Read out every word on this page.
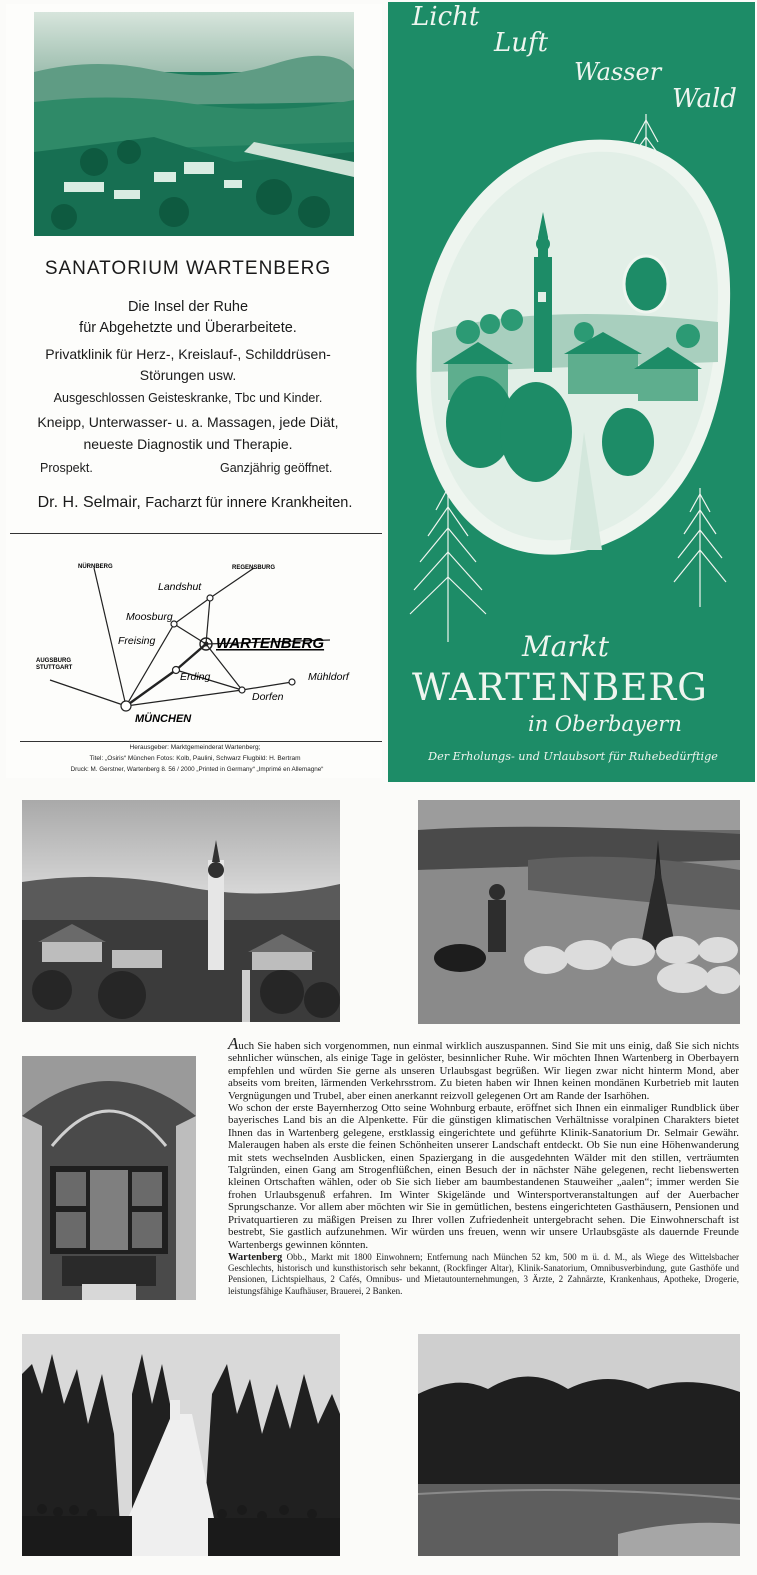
SANATORIUM WARTENBERG
Die Insel der Ruhe
für Abgehetzte und Überarbeitete.
Privatklinik für Herz-, Kreislauf-, Schilddrüsen-
Störungen usw.
Ausgeschlossen Geisteskranke, Tbc und Kinder.
Kneipp, Unterwasser- u. a. Massagen, jede Diät,
neueste Diagnostik und Therapie.
Prospekt.	Ganzjährig geöffnet.
Dr. H. Selmair, Facharzt für innere Krankheiten.
NÜRNBERG	REGENSBURG
Landshut
Moosburg
Freising	WARTENBERG
Erding	Mühldorf
Dorfen
MÜNCHEN
AUGSBURG
STUTTGART
Herausgeber: Marktgemeinderat Wartenberg;
Titel: „Osiris“ München Fotos: Kolb, Paulini, Schwarz Flugbild: H. Bertram
Druck: M. Gerstner, Wartenberg 8. 56 / 2000 „Printed in Germany“ „Imprimé en Allemagne“
Licht
Luft
Wasser
Wald
Markt
WARTENBERG
in Oberbayern
Der Erholungs- und Urlaubsort für Ruhebedürftige
Auch Sie haben sich vorgenommen, nun einmal wirklich auszuspannen. Sind Sie mit uns einig, daß Sie sich nichts sehnlicher wünschen, als einige Tage in gelöster, besinnlicher Ruhe. Wir möchten Ihnen Wartenberg in Oberbayern empfehlen und würden Sie gerne als unseren Urlaubsgast begrüßen. Wir liegen zwar nicht hinterm Mond, aber abseits vom breiten, lärmenden Verkehrsstrom. Zu bieten haben wir Ihnen keinen mondänen Kurbetrieb mit lauten Vergnügungen und Trubel, aber einen anerkannt reizvoll gelegenen Ort am Rande der Isarhöhen.
Wo schon der erste Bayernherzog Otto seine Wohnburg erbaute, eröffnet sich Ihnen ein einmaliger Rundblick über bayerisches Land bis an die Alpenkette. Für die günstigen klimatischen Verhältnisse voralpinen Charakters bietet Ihnen das in Wartenberg gelegene, erstklassig eingerichtete und geführte Klinik-Sanatorium Dr. Selmair Gewähr. Maleraugen haben als erste die feinen Schönheiten unserer Landschaft entdeckt. Ob Sie nun eine Höhenwanderung mit stets wechselnden Ausblicken, einen Spaziergang in die ausgedehnten Wälder mit den stillen, verträumten Talgründen, einen Gang am Strogenflüßchen, einen Besuch der in nächster Nähe gelegenen, recht liebenswerten kleinen Ortschaften wählen, oder ob Sie sich lieber am baumbestandenen Stauweiher „aalen“; immer werden Sie frohen Urlaubsgenuß erfahren. Im Winter Skigelände und Wintersportveranstaltungen auf der Auerbacher Sprungschanze. Vor allem aber möchten wir Sie in gemütlichen, bestens eingerichteten Gasthäusern, Pensionen und Privatquartieren zu mäßigen Preisen zu Ihrer vollen Zufriedenheit untergebracht sehen. Die Einwohnerschaft ist bestrebt, Sie gastlich aufzunehmen. Wir würden uns freuen, wenn wir unsere Urlaubsgäste als dauernde Freunde Wartenbergs gewinnen könnten.
Wartenberg Obb., Markt mit 1800 Einwohnern; Entfernung nach München 52 km, 500 m ü. d. M., als Wiege des Wittelsbacher Geschlechts, historisch und kunsthistorisch sehr bekannt, (Rockfinger Altar), Klinik-Sanatorium, Omnibusverbindung, gute Gasthöfe und Pensionen, Lichtspielhaus, 2 Cafés, Omnibus- und Mietautounternehmungen, 3 Ärzte, 2 Zahnärzte, Krankenhaus, Apotheke, Drogerie, leistungsfähige Kaufhäuser, Brauerei, 2 Banken.
